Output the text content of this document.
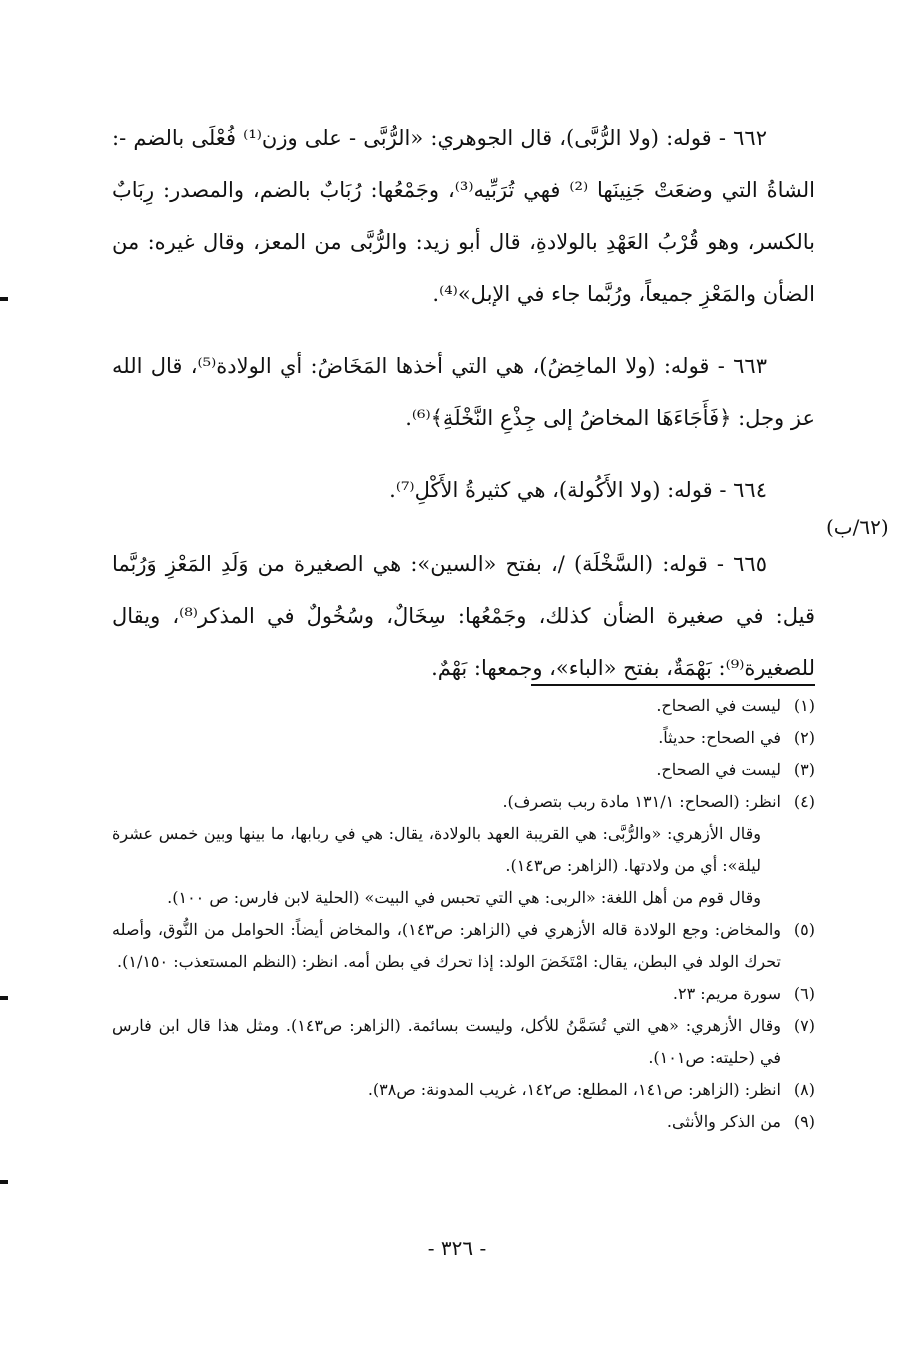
٦٦٢ - قوله: (ولا الرُّبَّى)، قال الجوهري: «الرُّبَّى - على وزن⁽¹⁾ فُعْلَى بالضم -: الشاةُ التي وضعَتْ جَنِينَها ⁽²⁾ فهي تُرَبِّيه⁽³⁾، وجَمْعُها: رُبَابٌ بالضم، والمصدر: رِبَابٌ بالكسر، وهو قُرْبُ العَهْدِ بالولادةِ، قال أبو زيد: والرُّبَّى من المعز، وقال غيره: من الضأن والمَعْزِ جميعاً، ورُبَّما جاء في الإبل»⁽⁴⁾.

٦٦٣ - قوله: (ولا الماخِضُ)، هي التي أخذها المَخَاضُ: أي الولادة⁽⁵⁾، قال الله عز وجل: ﴿فَأَجَاءَهَا المخاضُ إلى جِذْعِ النَّخْلَةِ﴾⁽⁶⁾.

٦٦٤ - قوله: (ولا الأَكُولة)، هي كثيرةُ الأَكْلِ⁽⁷⁾.

٦٦٥ - قوله: (السَّخْلَة) /، بفتح «السين»: هي الصغيرة من وَلَدِ المَعْزِ وَرُبَّما قيل: في صغيرة الضأن كذلك، وجَمْعُها: سِخَالٌ، وسُخُولٌ في المذكر⁽⁸⁾، ويقال للصغيرة⁽⁹⁾: بَهْمَةٌ، بفتح «الباء»، وجمعها: بَهْمٌ.

(٦٢/ب)
(١)
ليست في الصحاح.
(٢)
في الصحاح: حديثاً.
(٣)
ليست في الصحاح.
(٤)
انظر: (الصحاح: ١٣١/١ مادة ربب بتصرف).

وقال الأزهري: «والرُّبَّى: هي القريبة العهد بالولادة، يقال: هي في ربابها، ما بينها وبين خمس عشرة ليلة»: أي من ولادتها. (الزاهر: ص١٤٣).

وقال قوم من أهل اللغة: «الربى: هي التي تحبس في البيت» (الحلية لابن فارس: ص ١٠٠).

(٥)
والمخاض: وجع الولادة قاله الأزهري في (الزاهر: ص١٤٣)، والمخاض أيضاً: الحوامل من النُّوق، وأصله تحرك الولد في البطن، يقال: امْتَخَضَ الولد: إذا تحرك في بطن أمه. انظر: (النظم المستعذب: ١/١٥٠).
(٦)
سورة مريم: ٢٣.
(٧)
وقال الأزهري: «هي التي تُسَمَّنُ للأكل، وليست بسائمة. (الزاهر: ص١٤٣). ومثل هذا قال ابن فارس في (حليته: ص١٠١).
(٨)
انظر: (الزاهر: ص١٤١، المطلع: ص١٤٢، غريب المدونة: ص٣٨).
(٩)
من الذكر والأنثى.
- ٣٢٦ -
